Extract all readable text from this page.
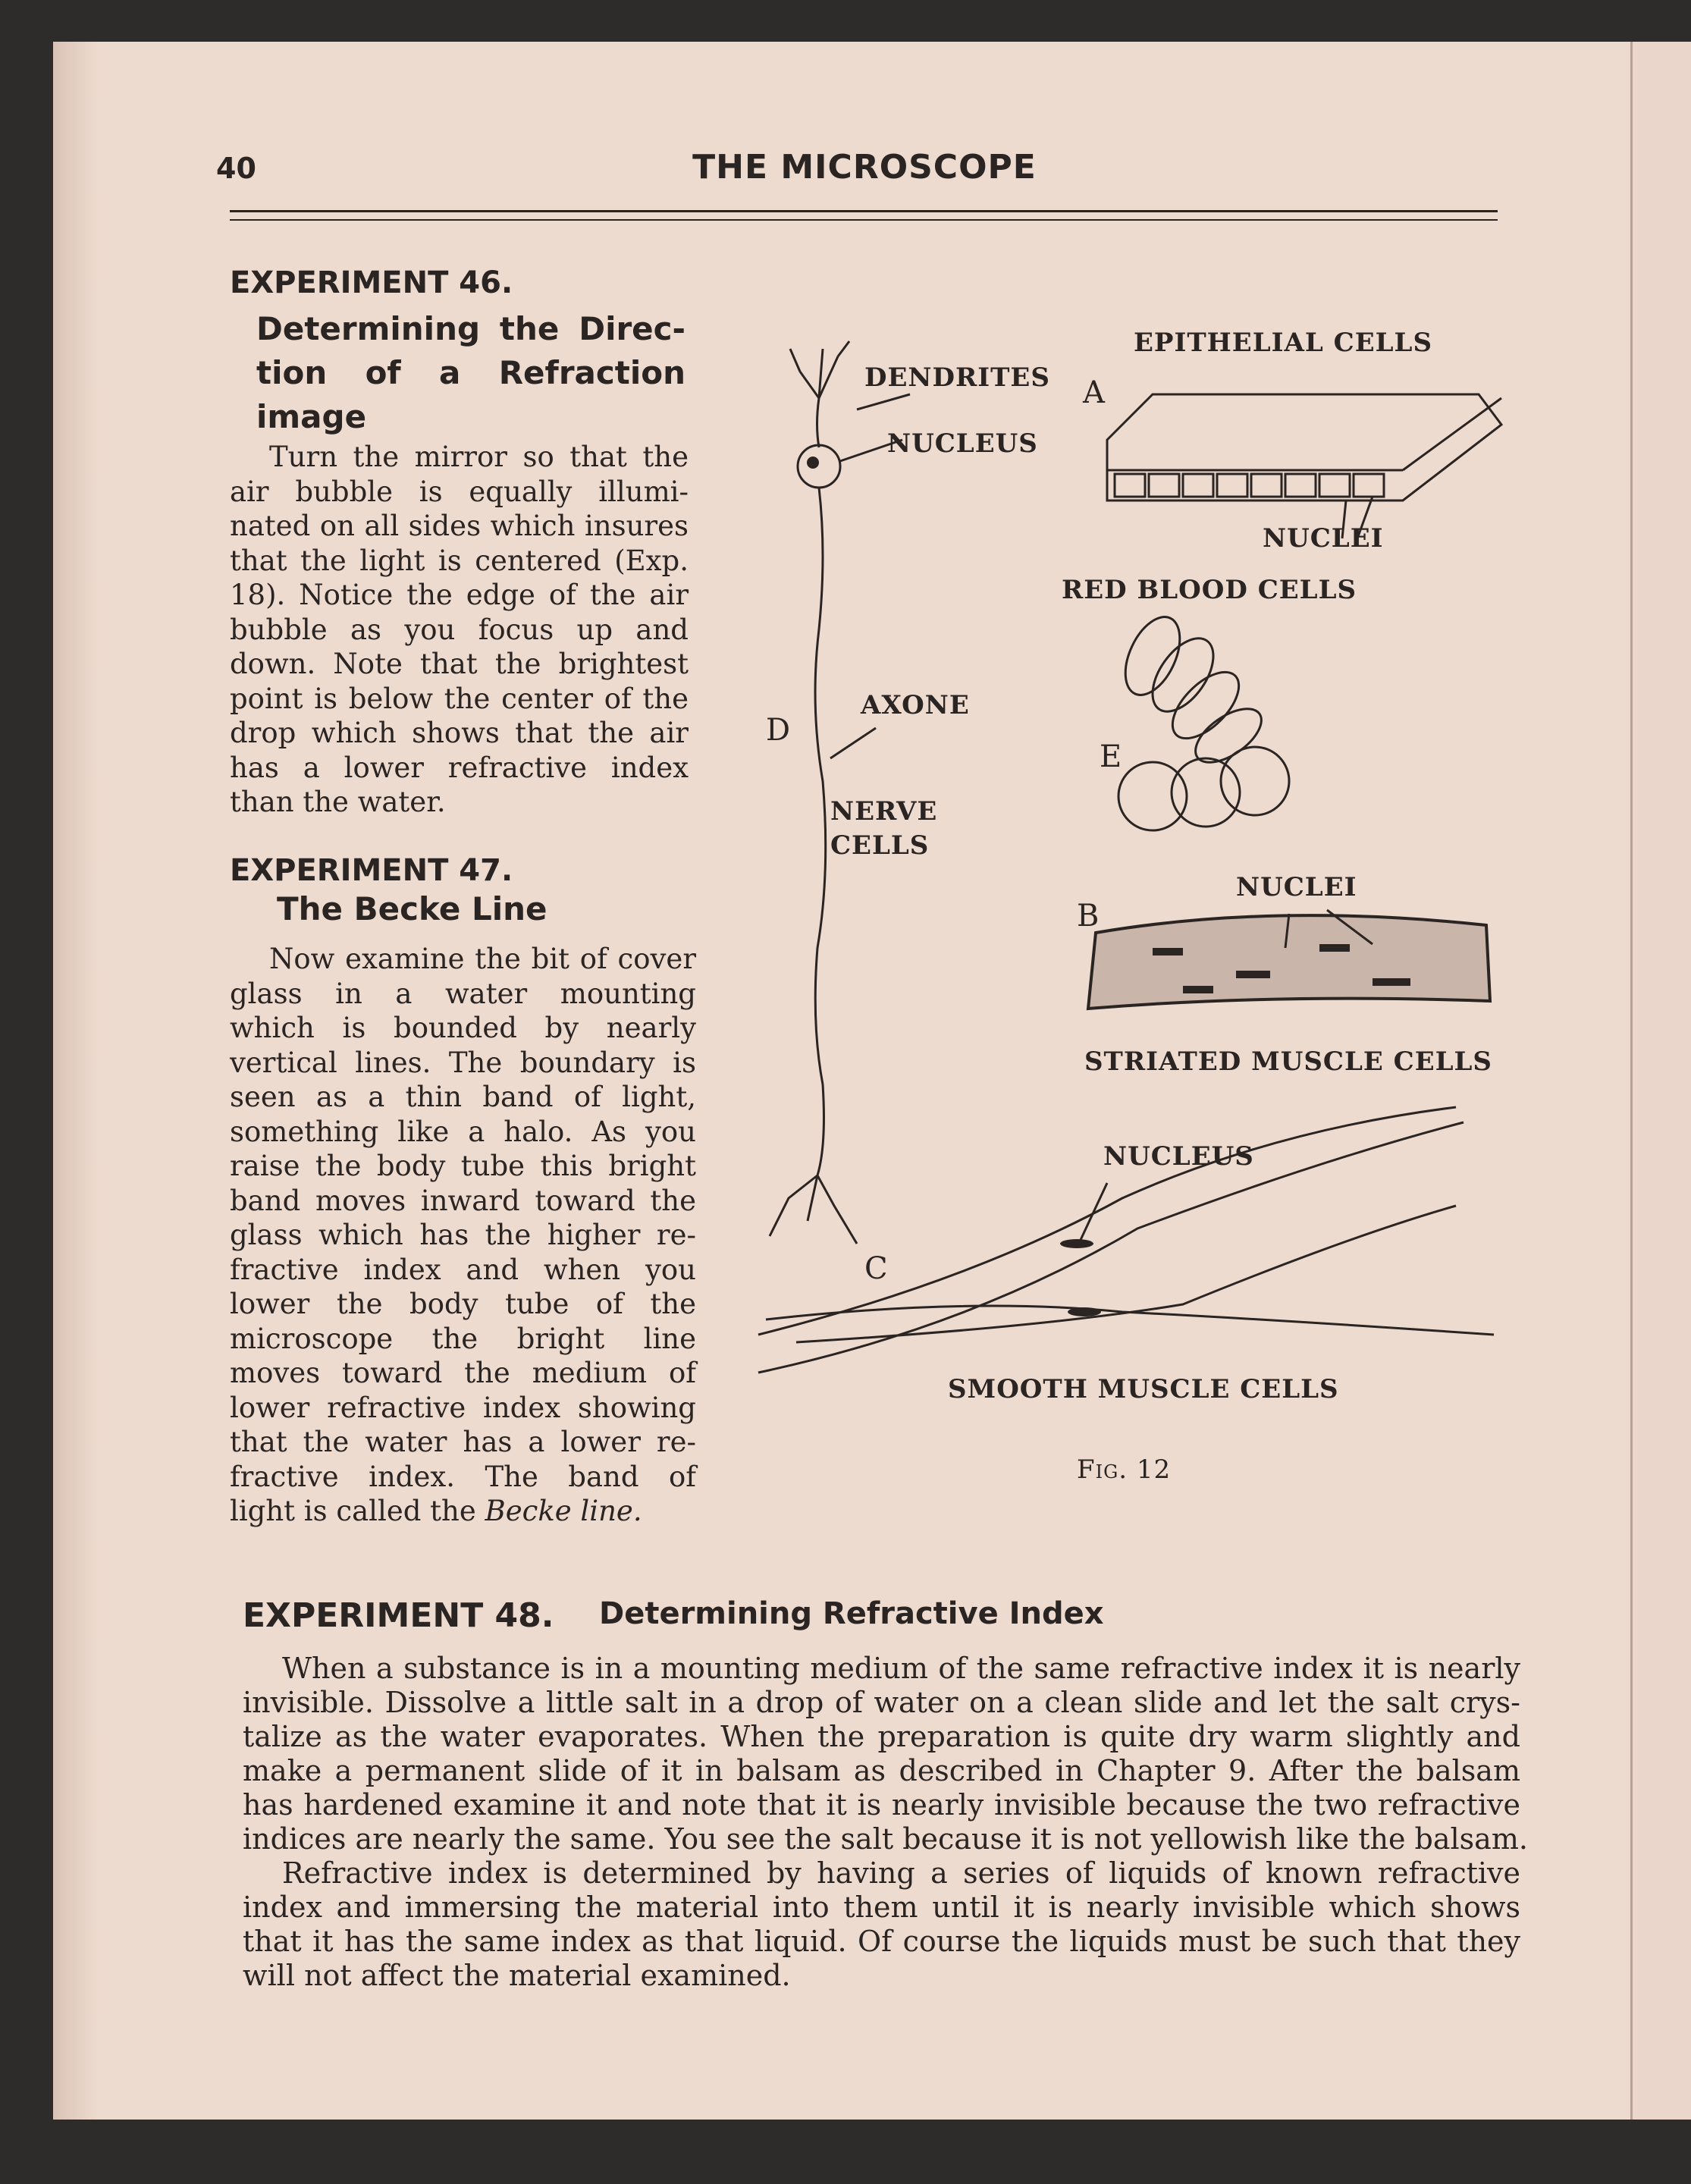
40	THE MICROSCOPE
EXPERIMENT 46.
Determining the Direc-
tion of a Refraction
image
Turn the mirror so that the
air bubble is equally illumi-
nated on all sides which insures
that the light is centered (Exp.
18). Notice the edge of the air
bubble as you focus up and
down. Note that the brightest
point is below the center of the
drop which shows that the air
has a lower refractive index
than the water.
EXPERIMENT 47.
The Becke Line
Now examine the bit of cover
glass in a water mounting
which is bounded by nearly
vertical lines. The boundary is
seen as a thin band of light,
something like a halo. As you
raise the body tube this bright
band moves inward toward the
glass which has the higher re-
fractive index and when you
lower the body tube of the
microscope the bright line
moves toward the medium of
lower refractive index showing
that the water has a lower re-
fractive index. The band of
light is called the Becke line.
DENDRITES
NUCLEUS
AXONE
NERVE
CELLS
D
EPITHELIAL CELLS
A
NUCLEI
RED BLOOD CELLS
E
B
NUCLEI
STRIATED MUSCLE CELLS
NUCLEUS
C
SMOOTH MUSCLE CELLS
Fig. 12
EXPERIMENT 48. Determining Refractive Index
When a substance is in a mounting medium of the same refractive index it is nearly
invisible. Dissolve a little salt in a drop of water on a clean slide and let the salt crys-
talize as the water evaporates. When the preparation is quite dry warm slightly and
make a permanent slide of it in balsam as described in Chapter 9. After the balsam
has hardened examine it and note that it is nearly invisible because the two refractive
indices are nearly the same. You see the salt because it is not yellowish like the balsam.
Refractive index is determined by having a series of liquids of known refractive
index and immersing the material into them until it is nearly invisible which shows
that it has the same index as that liquid. Of course the liquids must be such that they
will not affect the material examined.
